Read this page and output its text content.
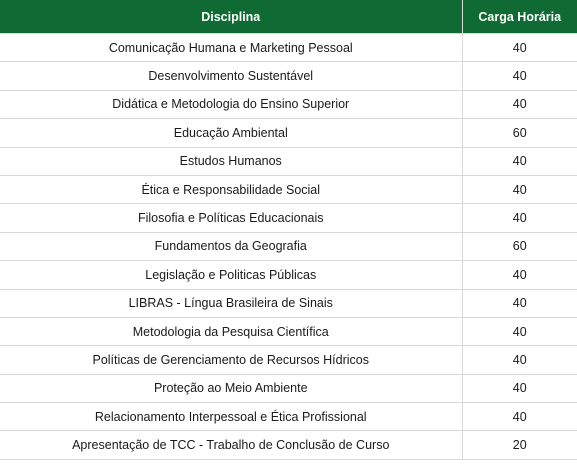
Disciplina	Carga Horária
Comunicação Humana e Marketing Pessoal	40
Desenvolvimento Sustentável	40
Didática e Metodologia do Ensino Superior	40
Educação Ambiental	60
Estudos Humanos	40
Ética e Responsabilidade Social	40
Filosofia e Políticas Educacionais	40
Fundamentos da Geografia	60
Legislação e Politicas Públicas	40
LIBRAS - Língua Brasileira de Sinais	40
Metodologia da Pesquisa Científica	40
Políticas de Gerenciamento de Recursos Hídricos	40
Proteção ao Meio Ambiente	40
Relacionamento Interpessoal e Ética Profissional	40
Apresentação de TCC - Trabalho de Conclusão de Curso	20
